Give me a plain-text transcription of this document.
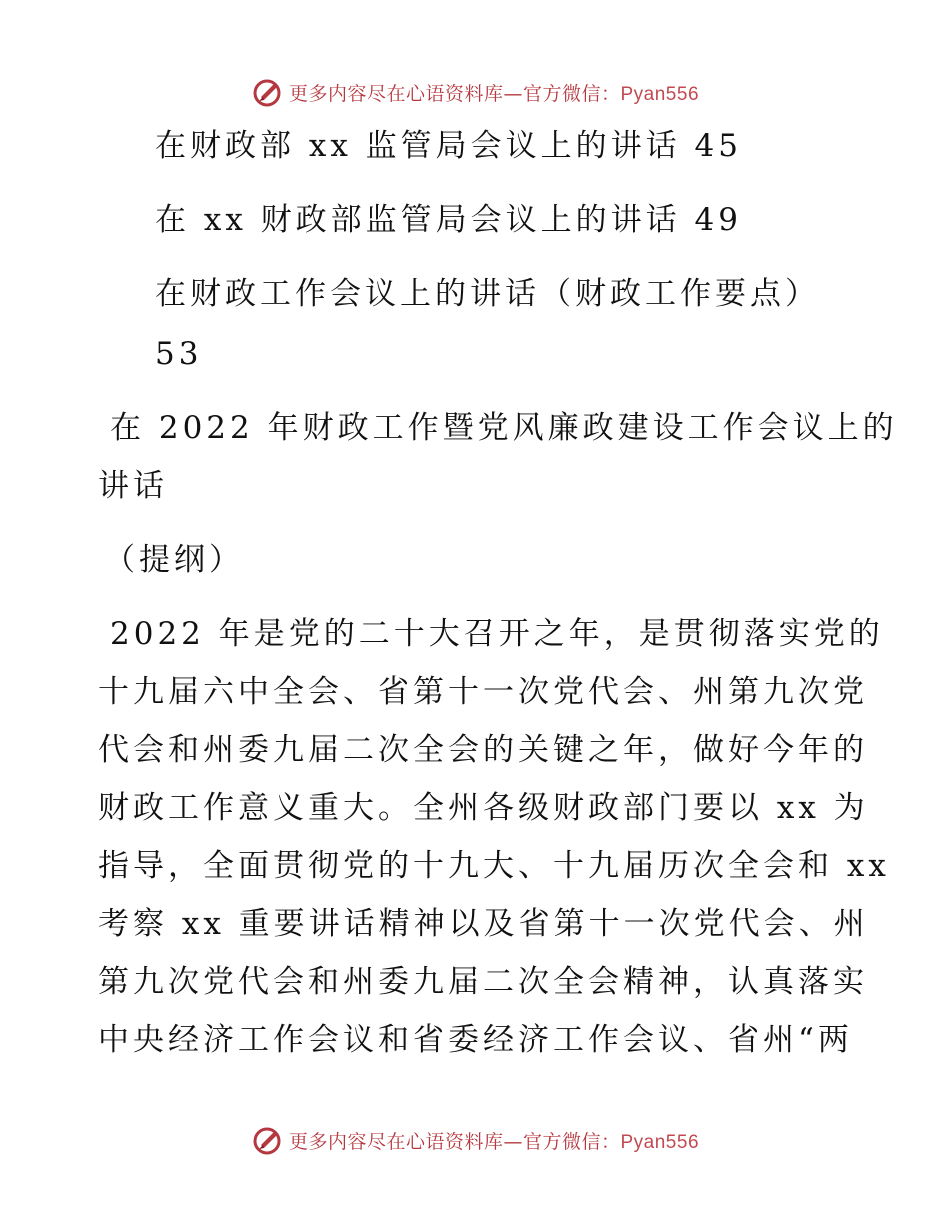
更多内容尽在心语资料库—官方微信：Pyan556
在财政部 xx 监管局会议上的讲话 45
在 xx 财政部监管局会议上的讲话 49
在财政工作会议上的讲话（财政工作要点）
53
在 2022 年财政工作暨党风廉政建设工作会议上的
讲话
（提纲）
2022 年是党的二十大召开之年，是贯彻落实党的
十九届六中全会、省第十一次党代会、州第九次党
代会和州委九届二次全会的关键之年，做好今年的
财政工作意义重大。全州各级财政部门要以 xx 为
指导，全面贯彻党的十九大、十九届历次全会和 xx
考察 xx 重要讲话精神以及省第十一次党代会、州
第九次党代会和州委九届二次全会精神，认真落实
中央经济工作会议和省委经济工作会议、省州“两
更多内容尽在心语资料库—官方微信：Pyan556
